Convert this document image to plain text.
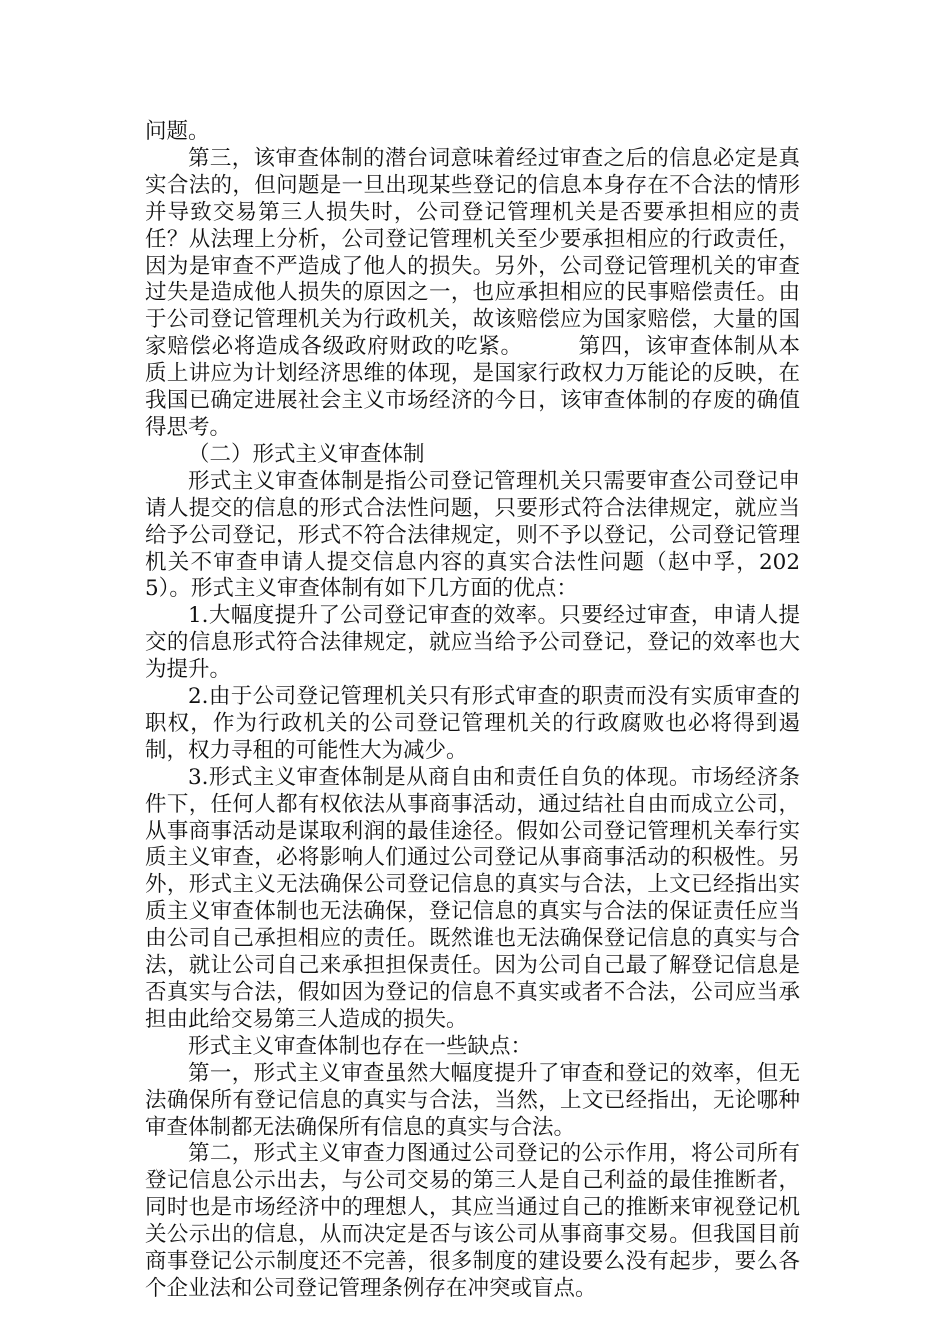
问题。

第三，该审查体制的潜台词意味着经过审查之后的信息必定是真实合法的，但问题是一旦出现某些登记的信息本身存在不合法的情形并导致交易第三人损失时，公司登记管理机关是否要承担相应的责任？从法理上分析，公司登记管理机关至少要承担相应的行政责任，因为是审查不严造成了他人的损失。另外，公司登记管理机关的审查过失是造成他人损失的原因之一，也应承担相应的民事赔偿责任。由于公司登记管理机关为行政机关，故该赔偿应为国家赔偿，大量的国家赔偿必将造成各级政府财政的吃紧。　　　第四，该审查体制从本质上讲应为计划经济思维的体现，是国家行政权力万能论的反映，在我国已确定进展社会主义市场经济的今日，该审查体制的存废的确值得思考。

（二）形式主义审查体制

形式主义审查体制是指公司登记管理机关只需要审查公司登记申请人提交的信息的形式合法性问题，只要形式符合法律规定，就应当给予公司登记，形式不符合法律规定，则不予以登记，公司登记管理机关不审查申请人提交信息内容的真实合法性问题（赵中孚，2025）。形式主义审查体制有如下几方面的优点：

1.大幅度提升了公司登记审查的效率。只要经过审查，申请人提交的信息形式符合法律规定，就应当给予公司登记，登记的效率也大为提升。

2.由于公司登记管理机关只有形式审查的职责而没有实质审查的职权，作为行政机关的公司登记管理机关的行政腐败也必将得到遏制，权力寻租的可能性大为减少。

3.形式主义审查体制是从商自由和责任自负的体现。市场经济条件下，任何人都有权依法从事商事活动，通过结社自由而成立公司，从事商事活动是谋取利润的最佳途径。假如公司登记管理机关奉行实质主义审查，必将影响人们通过公司登记从事商事活动的积极性。另外，形式主义无法确保公司登记信息的真实与合法，上文已经指出实质主义审查体制也无法确保，登记信息的真实与合法的保证责任应当由公司自己承担相应的责任。既然谁也无法确保登记信息的真实与合法，就让公司自己来承担担保责任。因为公司自己最了解登记信息是否真实与合法，假如因为登记的信息不真实或者不合法，公司应当承担由此给交易第三人造成的损失。

形式主义审查体制也存在一些缺点：

第一，形式主义审查虽然大幅度提升了审查和登记的效率，但无法确保所有登记信息的真实与合法，当然，上文已经指出，无论哪种审查体制都无法确保所有信息的真实与合法。

第二，形式主义审查力图通过公司登记的公示作用，将公司所有登记信息公示出去，与公司交易的第三人是自己利益的最佳推断者，同时也是市场经济中的理想人，其应当通过自己的推断来审视登记机关公示出的信息，从而决定是否与该公司从事商事交易。但我国目前商事登记公示制度还不完善，很多制度的建设要么没有起步，要么各个企业法和公司登记管理条例存在冲突或盲点。
